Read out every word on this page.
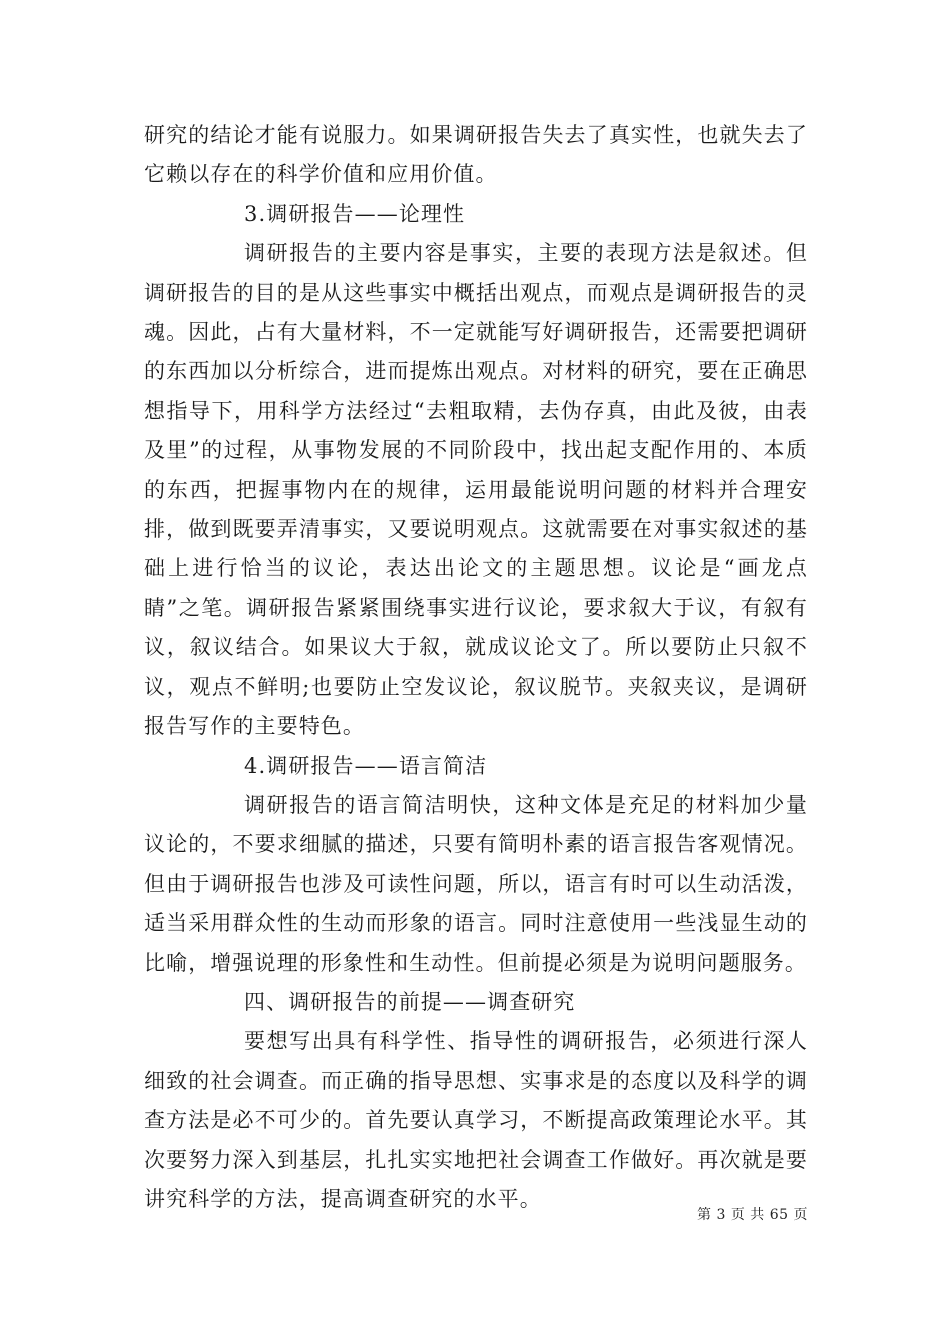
研究的结论才能有说服力。如果调研报告失去了真实性，也就失去了它赖以存在的科学价值和应用价值。

3.调研报告——论理性

调研报告的主要内容是事实，主要的表现方法是叙述。但调研报告的目的是从这些事实中概括出观点，而观点是调研报告的灵魂。因此，占有大量材料，不一定就能写好调研报告，还需要把调研的东西加以分析综合，进而提炼出观点。对材料的研究，要在正确思想指导下，用科学方法经过“去粗取精，去伪存真，由此及彼，由表及里”的过程，从事物发展的不同阶段中，找出起支配作用的、本质的东西，把握事物内在的规律，运用最能说明问题的材料并合理安排，做到既要弄清事实，又要说明观点。这就需要在对事实叙述的基础上进行恰当的议论，表达出论文的主题思想。议论是“画龙点睛”之笔。调研报告紧紧围绕事实进行议论，要求叙大于议，有叙有议，叙议结合。如果议大于叙，就成议论文了。所以要防止只叙不议，观点不鲜明;也要防止空发议论，叙议脱节。夹叙夹议，是调研报告写作的主要特色。

4.调研报告——语言简洁

调研报告的语言简洁明快，这种文体是充足的材料加少量议论的，不要求细腻的描述，只要有简明朴素的语言报告客观情况。但由于调研报告也涉及可读性问题，所以，语言有时可以生动活泼，适当采用群众性的生动而形象的语言。同时注意使用一些浅显生动的比喻，增强说理的形象性和生动性。但前提必须是为说明问题服务。

四、调研报告的前提——调查研究

要想写出具有科学性、指导性的调研报告，必须进行深人细致的社会调查。而正确的指导思想、实事求是的态度以及科学的调查方法是必不可少的。首先要认真学习，不断提高政策理论水平。其次要努力深入到基层，扎扎实实地把社会调查工作做好。再次就是要讲究科学的方法，提高调查研究的水平。

第 3 页 共 65 页
